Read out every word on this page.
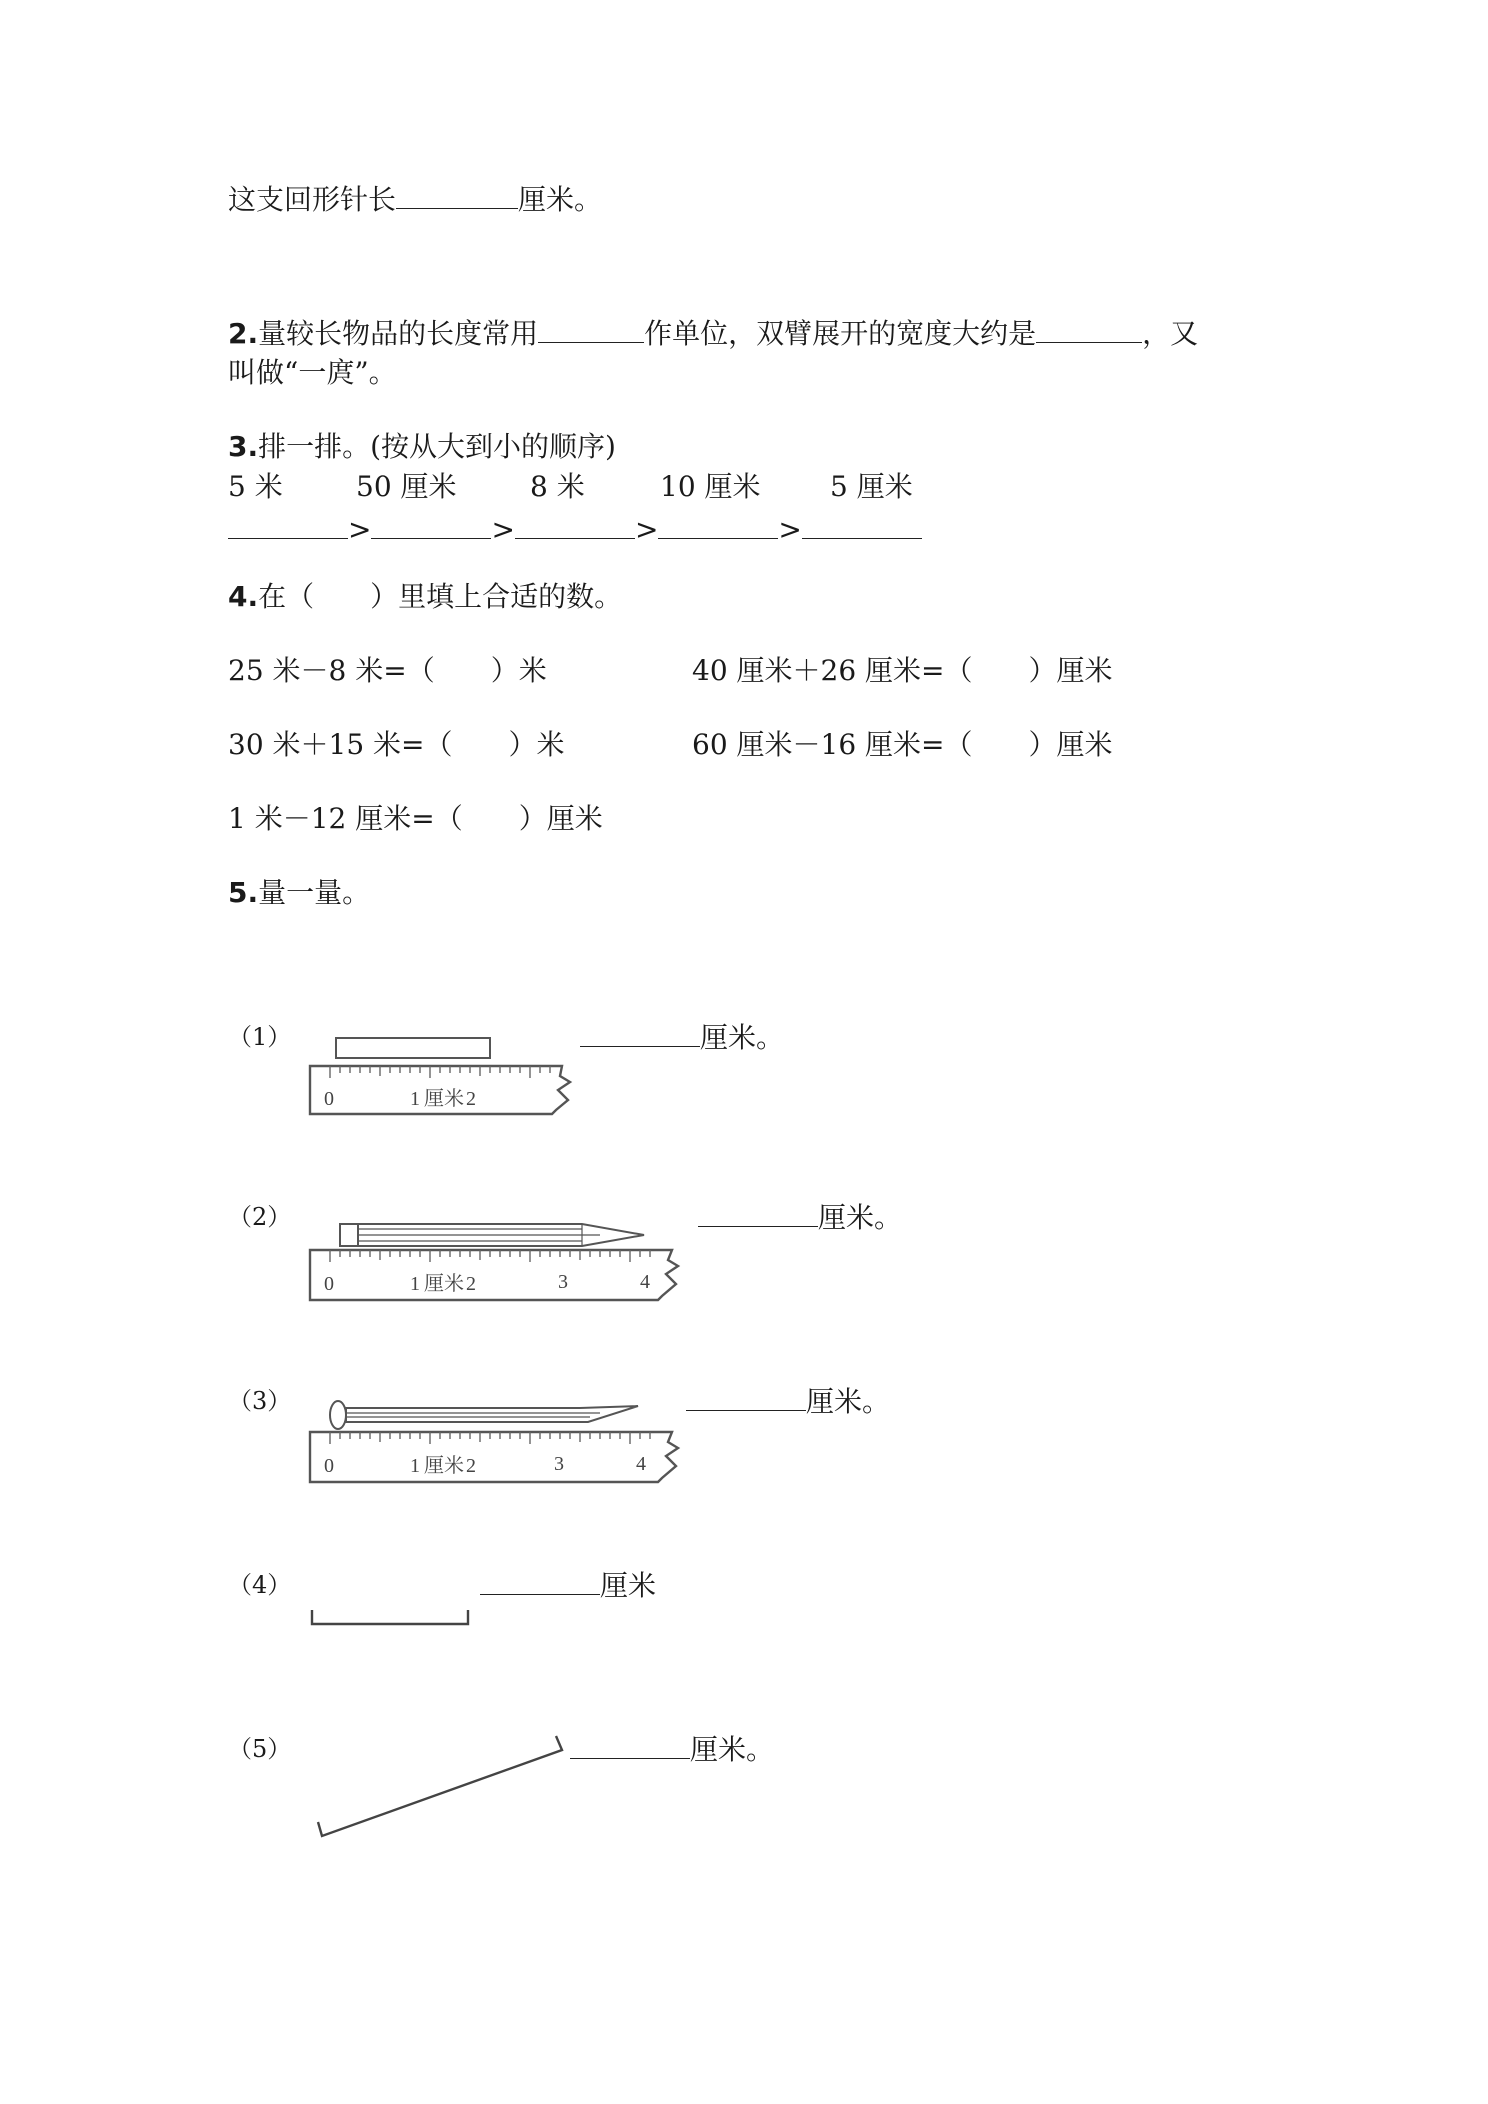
这支回形针长	厘米。
2.量较长物品的长度常用	作单位，双臂展开的宽度大约是	，又
叫做“一庹”。
3.排一排。(按从大到小的顺序)
5 米	50 厘米	8 米	10 厘米 5 厘米
>	>	>	>
4.在（　　）里填上合适的数。
25 米－8 米=（　　）米	40 厘米＋26 厘米=（　　）厘米
30 米＋15 米=（　　）米	60 厘米－16 厘米=（　　）厘米
1 米－12 厘米=（　　）厘米
5.量一量。
（1）
0	1 厘米 2
厘米。
（2）
0	1 厘米 2	3	4
厘米。
（3）
0	1 厘米 2	3	4
厘米。
（4）	厘米
（5）	厘米。
